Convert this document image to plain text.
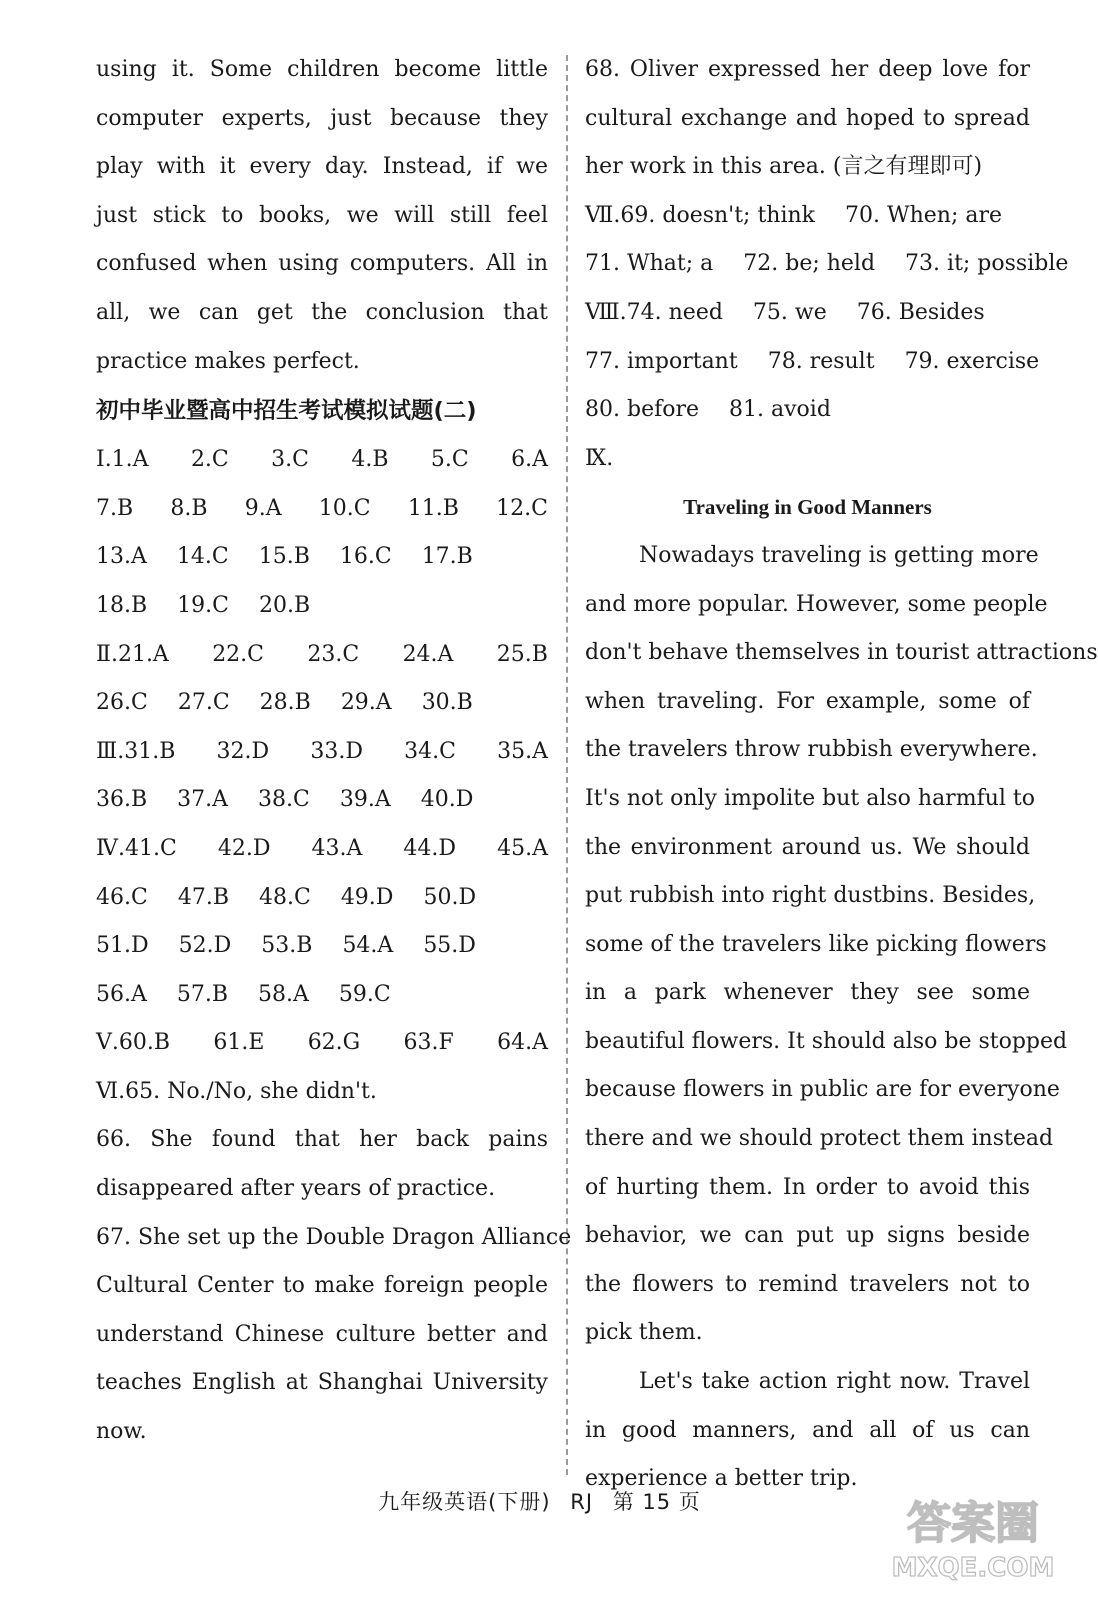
using it. Some children become little
computer experts, just because they
play with it every day. Instead, if we
just stick to books, we will still feel
confused when using computers. All in
all, we can get the conclusion that
practice makes perfect.
初中毕业暨高中招生考试模拟试题(二)
Ⅰ.1.A 2.C 3.C 4.B 5.C 6.A
7.B 8.B 9.A 10.C 11.B 12.C
13.A 14.C 15.B 16.C 17.B
18.B 19.C 20.B
Ⅱ.21.A 22.C 23.C 24.A 25.B
26.C 27.C 28.B 29.A 30.B
Ⅲ.31.B 32.D 33.D 34.C 35.A
36.B 37.A 38.C 39.A 40.D
Ⅳ.41.C 42.D 43.A 44.D 45.A
46.C 47.B 48.C 49.D 50.D
51.D 52.D 53.B 54.A 55.D
56.A 57.B 58.A 59.C
Ⅴ.60.B 61.E 62.G 63.F 64.A
Ⅵ.65. No./No, she didn't.
66. She found that her back pains
disappeared after years of practice.
67. She set up the Double Dragon Alliance
Cultural Center to make foreign people
understand Chinese culture better and
teaches English at Shanghai University
now.
68. Oliver expressed her deep love for
cultural exchange and hoped to spread
her work in this area. (言之有理即可)
Ⅶ.69. doesn't; think 70. When; are
71. What; a 72. be; held 73. it; possible
Ⅷ.74. need 75. we 76. Besides
77. important 78. result 79. exercise
80. before 81. avoid
Ⅸ.
Traveling in Good Manners
Nowadays traveling is getting more
and more popular. However, some people
don't behave themselves in tourist attractions
when traveling. For example, some of
the travelers throw rubbish everywhere.
It's not only impolite but also harmful to
the environment around us. We should
put rubbish into right dustbins. Besides,
some of the travelers like picking flowers
in a park whenever they see some
beautiful flowers. It should also be stopped
because flowers in public are for everyone
there and we should protect them instead
of hurting them. In order to avoid this
behavior, we can put up signs beside
the flowers to remind travelers not to
pick them.
Let's take action right now. Travel
in good manners, and all of us can
experience a better trip.
九年级英语(下册) RJ 第 15 页	答案圈
MXQE.COM
